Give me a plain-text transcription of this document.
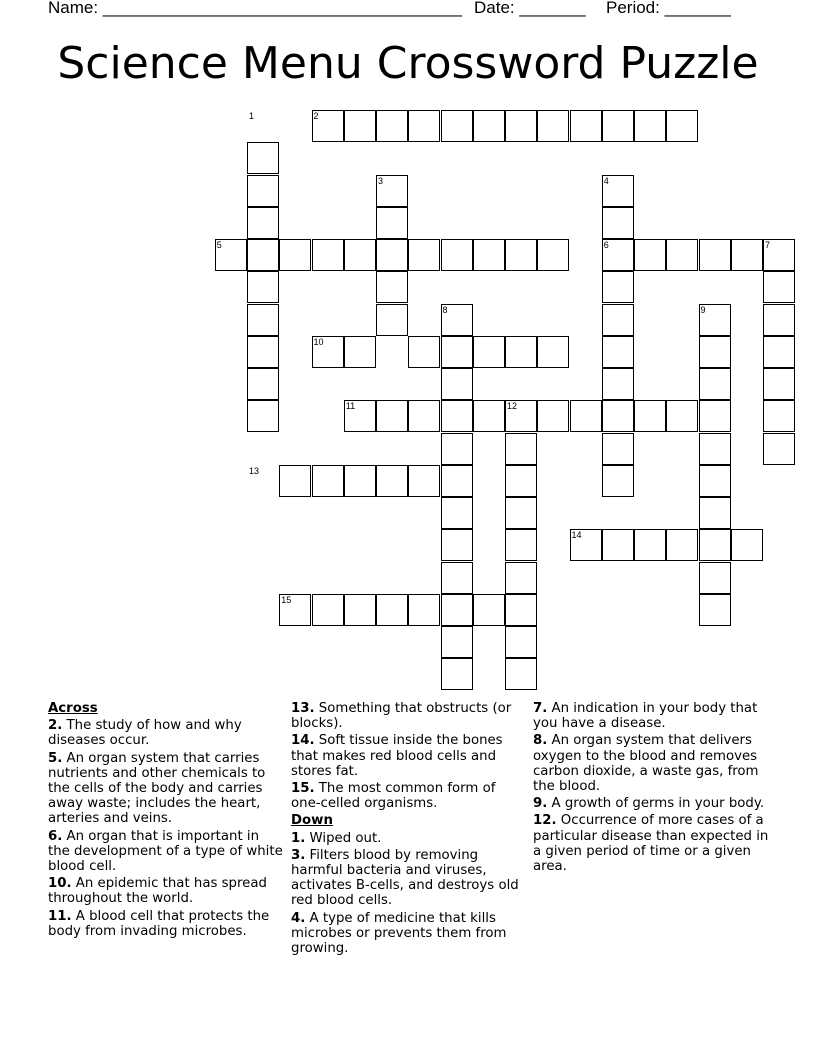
Name: ______________________________________ Date: _______ Period: _______
Science Menu Crossword Puzzle
1	2
3	4
5	6	7
8	9
10
11	12
13
14
15
Across
2. The study of how and why diseases occur.
5. An organ system that carries nutrients and other chemicals to the cells of the body and carries away waste; includes the heart, arteries and veins.
6. An organ that is important in the development of a type of white blood cell.
10. An epidemic that has spread throughout the world.
11. A blood cell that protects the body from invading microbes.
13. Something that obstructs (or blocks).
14. Soft tissue inside the bones that makes red blood cells and stores fat.
15. The most common form of one-celled organisms.
Down
1. Wiped out.
3. Filters blood by removing harmful bacteria and viruses, activates B-cells, and destroys old red blood cells.
4. A type of medicine that kills microbes or prevents them from growing.
7. An indication in your body that you have a disease.
8. An organ system that delivers oxygen to the blood and removes carbon dioxide, a waste gas, from the blood.
9. A growth of germs in your body.
12. Occurrence of more cases of a particular disease than expected in a given period of time or a given area.
